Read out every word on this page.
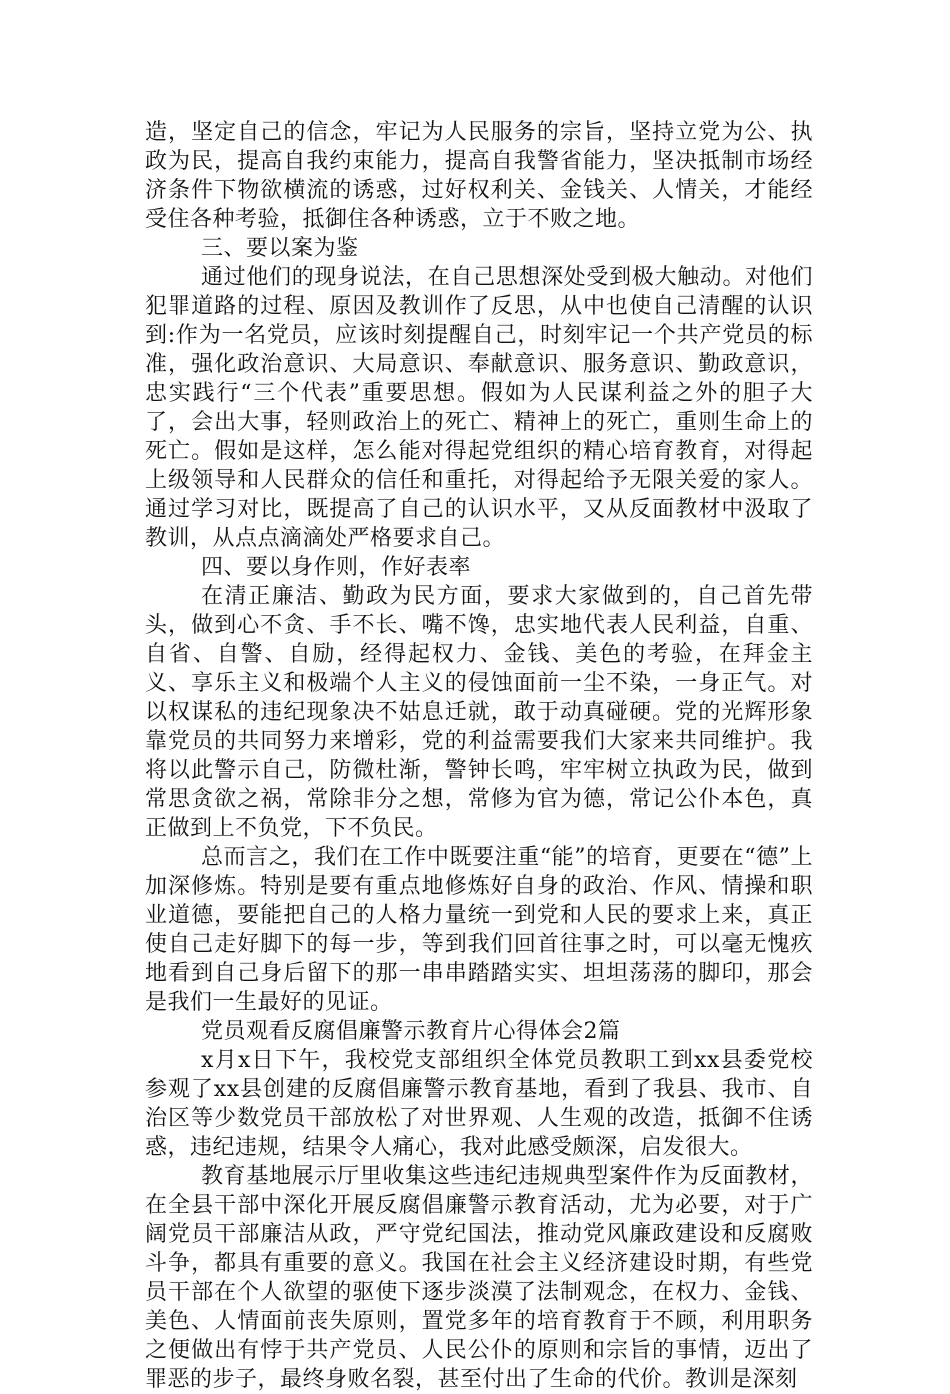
造，坚定自己的信念，牢记为人民服务的宗旨，坚持立党为公、执政为民，提高自我约束能力，提高自我警省能力，坚决抵制市场经济条件下物欲横流的诱惑，过好权利关、金钱关、人情关，才能经受住各种考验，抵御住各种诱惑，立于不败之地。

三、要以案为鉴

通过他们的现身说法，在自己思想深处受到极大触动。对他们犯罪道路的过程、原因及教训作了反思，从中也使自己清醒的认识到:作为一名党员，应该时刻提醒自己，时刻牢记一个共产党员的标准，强化政治意识、大局意识、奉献意识、服务意识、勤政意识，忠实践行“三个代表”重要思想。假如为人民谋利益之外的胆子大了，会出大事，轻则政治上的死亡、精神上的死亡，重则生命上的死亡。假如是这样，怎么能对得起党组织的精心培育教育，对得起上级领导和人民群众的信任和重托，对得起给予无限关爱的家人。通过学习对比，既提高了自己的认识水平，又从反面教材中汲取了教训，从点点滴滴处严格要求自己。

四、要以身作则，作好表率

在清正廉洁、勤政为民方面，要求大家做到的，自己首先带头，做到心不贪、手不长、嘴不馋，忠实地代表人民利益，自重、自省、自警、自励，经得起权力、金钱、美色的考验，在拜金主义、享乐主义和极端个人主义的侵蚀面前一尘不染，一身正气。对以权谋私的违纪现象决不姑息迁就，敢于动真碰硬。党的光辉形象靠党员的共同努力来增彩，党的利益需要我们大家来共同维护。我将以此警示自己，防微杜渐，警钟长鸣，牢牢树立执政为民，做到常思贪欲之祸，常除非分之想，常修为官为德，常记公仆本色，真正做到上不负党，下不负民。

总而言之，我们在工作中既要注重“能”的培育，更要在“德”上加深修炼。特别是要有重点地修炼好自身的政治、作风、情操和职业道德，要能把自己的人格力量统一到党和人民的要求上来，真正使自己走好脚下的每一步，等到我们回首往事之时，可以毫无愧疚地看到自己身后留下的那一串串踏踏实实、坦坦荡荡的脚印，那会是我们一生最好的见证。

党员观看反腐倡廉警示教育片心得体会2篇

x月x日下午，我校党支部组织全体党员教职工到xx县委党校参观了xx县创建的反腐倡廉警示教育基地，看到了我县、我市、自治区等少数党员干部放松了对世界观、人生观的改造，抵御不住诱惑，违纪违规，结果令人痛心，我对此感受颇深，启发很大。

教育基地展示厅里收集这些违纪违规典型案件作为反面教材，在全县干部中深化开展反腐倡廉警示教育活动，尤为必要，对于广阔党员干部廉洁从政，严守党纪国法，推动党风廉政建设和反腐败斗争，都具有重要的意义。我国在社会主义经济建设时期，有些党员干部在个人欲望的驱使下逐步淡漠了法制观念，在权力、金钱、美色、人情面前丧失原则，置党多年的培育教育于不顾，利用职务之便做出有悖于共产党员、人民公仆的原则和宗旨的事情，迈出了罪恶的步子，最终身败名裂，甚至付出了生命的代价。教训是深刻
